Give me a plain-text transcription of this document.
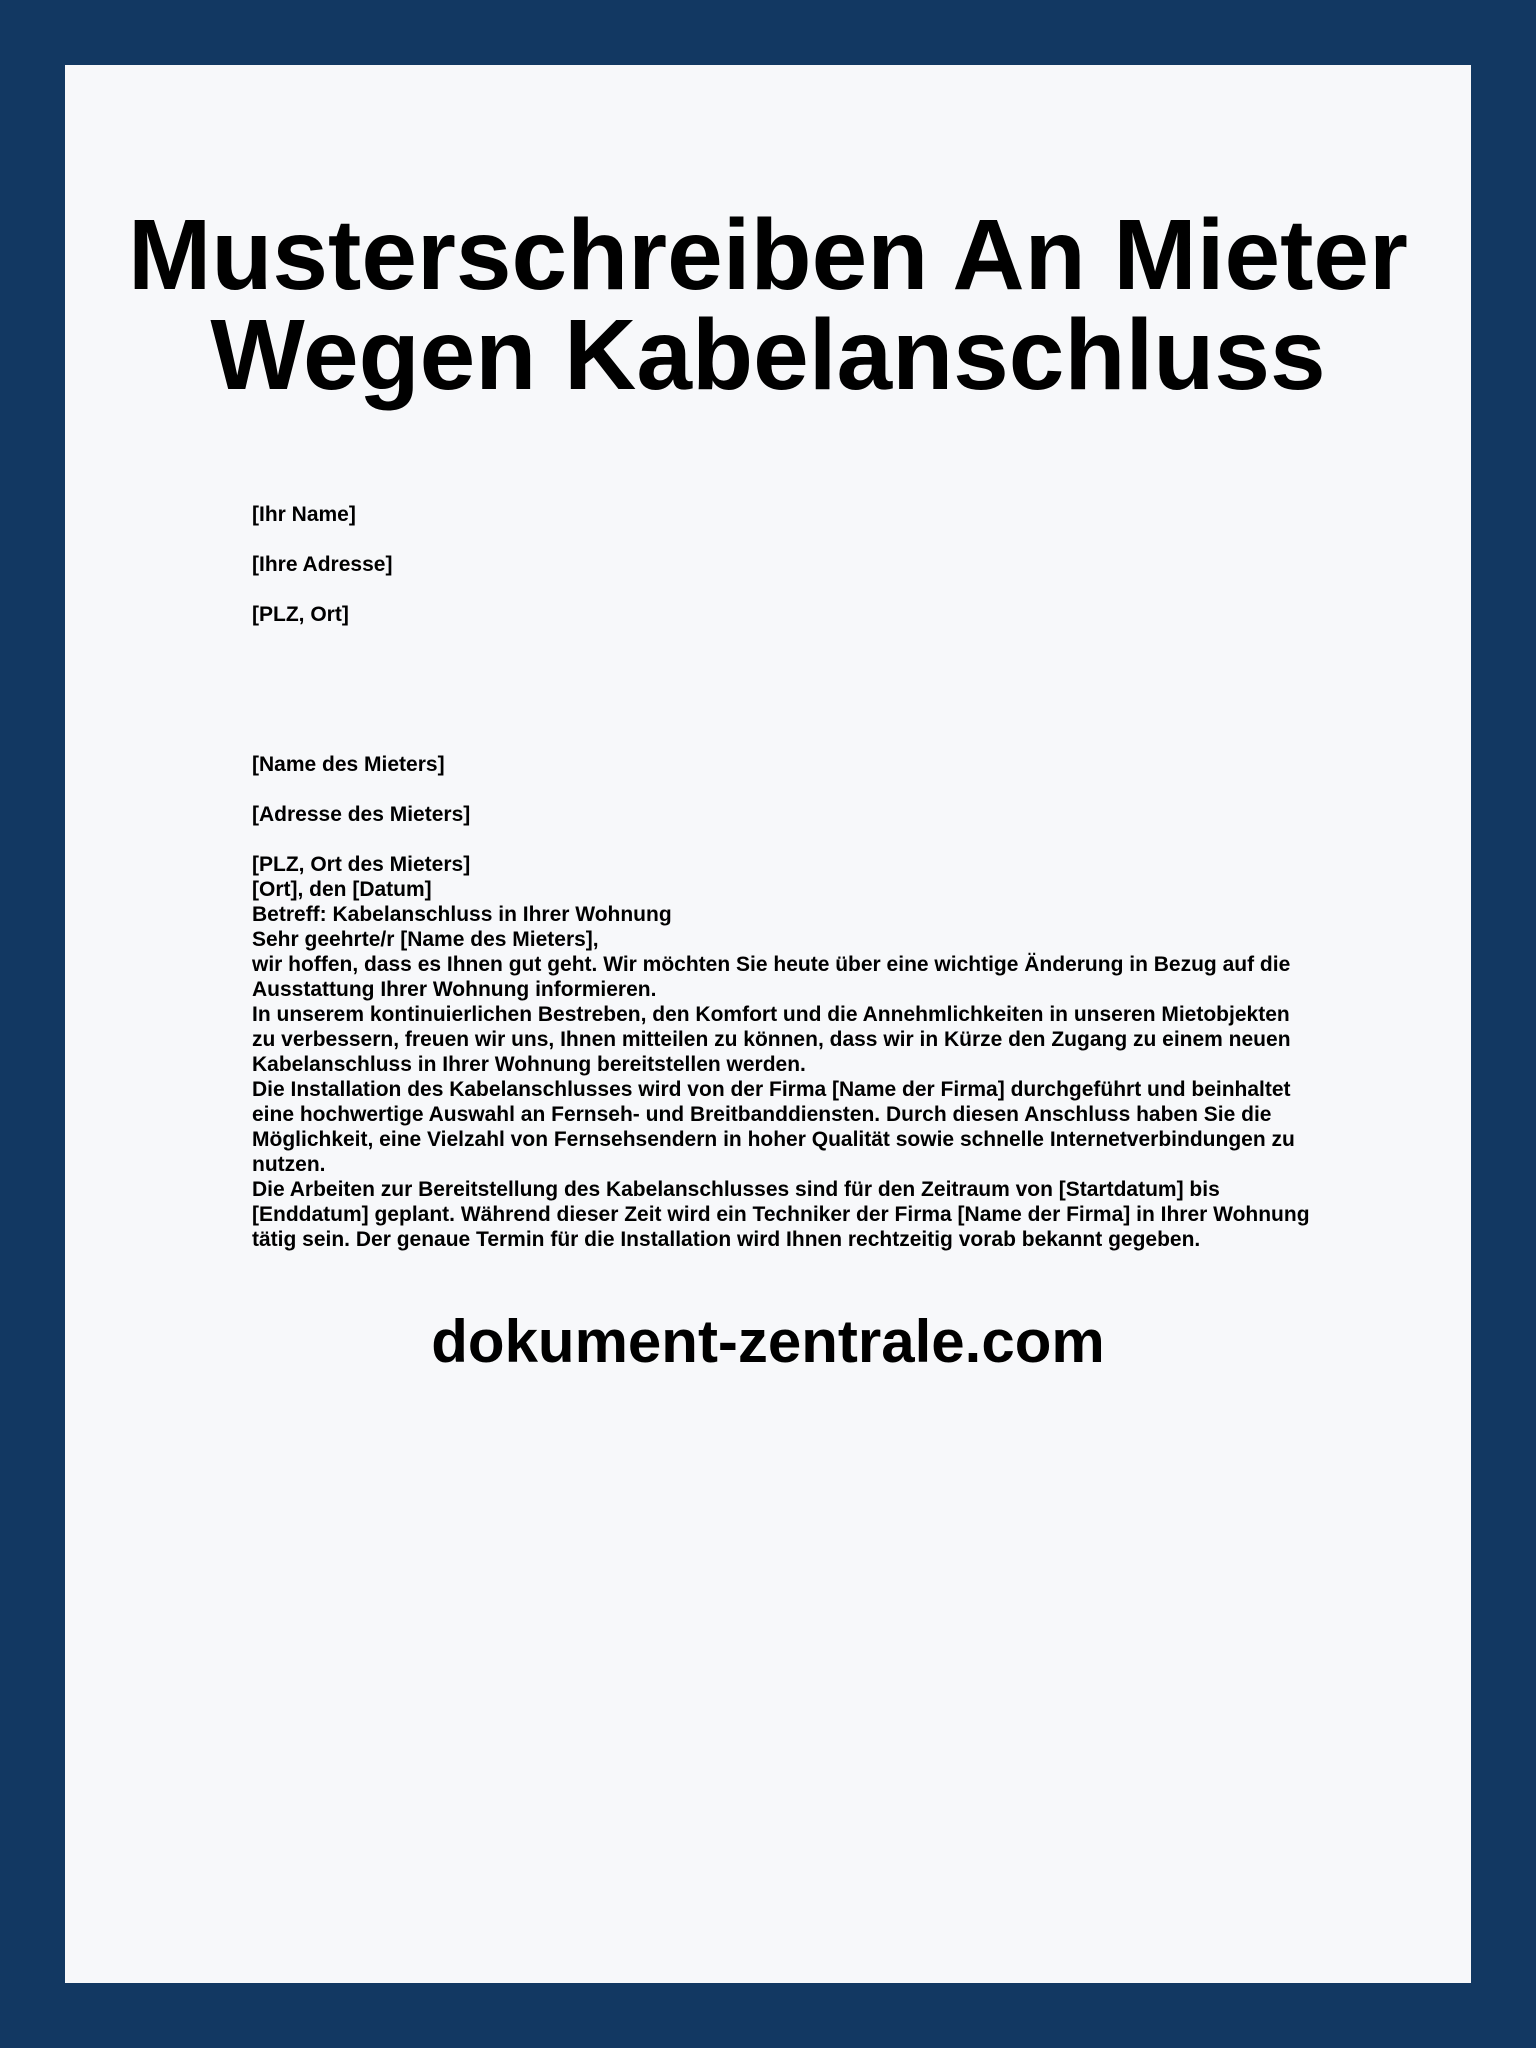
Musterschreiben An Mieter Wegen Kabelanschluss

[Ihr Name]

[Ihre Adresse]

[PLZ, Ort]

[Name des Mieters]

[Adresse des Mieters]

[PLZ, Ort des Mieters]

[Ort], den [Datum]

Betreff: Kabelanschluss in Ihrer Wohnung

Sehr geehrte/r [Name des Mieters],

wir hoffen, dass es Ihnen gut geht. Wir möchten Sie heute über eine wichtige Änderung in Bezug auf die Ausstattung Ihrer Wohnung informieren.

In unserem kontinuierlichen Bestreben, den Komfort und die Annehmlichkeiten in unseren Mietobjekten zu verbessern, freuen wir uns, Ihnen mitteilen zu können, dass wir in Kürze den Zugang zu einem neuen Kabelanschluss in Ihrer Wohnung bereitstellen werden.

Die Installation des Kabelanschlusses wird von der Firma [Name der Firma] durchgeführt und beinhaltet eine hochwertige Auswahl an Fernseh- und Breitbanddiensten. Durch diesen Anschluss haben Sie die Möglichkeit, eine Vielzahl von Fernsehsendern in hoher Qualität sowie schnelle Internetverbindungen zu nutzen.

Die Arbeiten zur Bereitstellung des Kabelanschlusses sind für den Zeitraum von [Startdatum] bis [Enddatum] geplant. Während dieser Zeit wird ein Techniker der Firma [Name der Firma] in Ihrer Wohnung tätig sein. Der genaue Termin für die Installation wird Ihnen rechtzeitig vorab bekannt gegeben.

dokument-zentrale.com
